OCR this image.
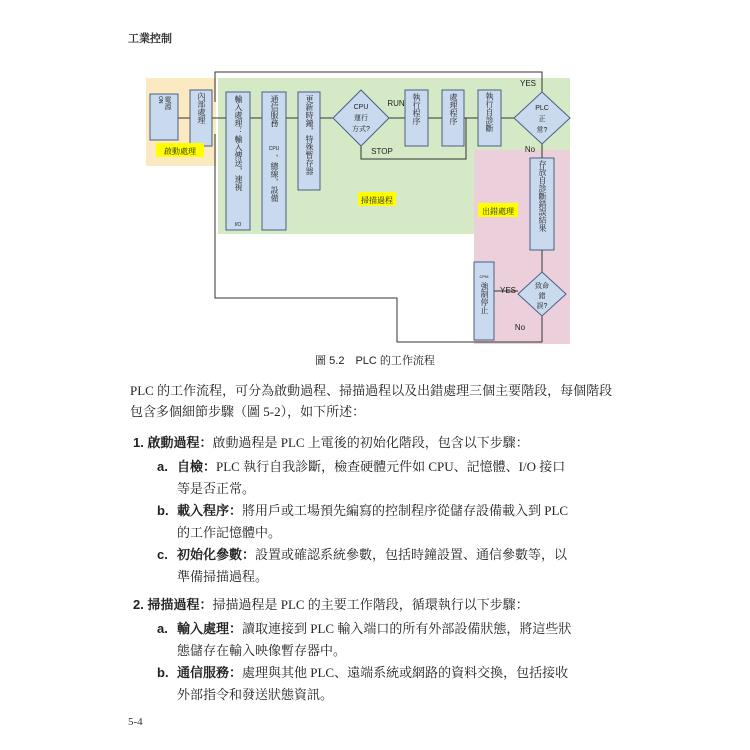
工業控制
啟動處理
掃描過程
出錯處理
RUN
STOP
YES
No
YES
No
CPU
運行
方式?
PLC
正
常?
致命
錯
誤?
電源
ON	內部處理	輸入處理：輸入傳送，速視
I/O
通信服務
CPU
、總線，設備
更新時鐘，特殊暫存器	執行程序	處理程序	執行自診斷
存放自診斷錯誤結果
CPM
強制停止
圖 5.2　PLC 的工作流程
PLC 的工作流程，可分為啟動過程、掃描過程以及出錯處理三個主要階段，每個階段包含多個細節步驟（圖 5-2），如下所述：
1. 啟動過程：啟動過程是 PLC 上電後的初始化階段，包含以下步驟：
a. 自檢：PLC 執行自我診斷，檢查硬體元件如 CPU、記憶體、I/O 接口等是否正常。
b. 載入程序：將用戶或工場預先編寫的控制程序從儲存設備載入到 PLC 的工作記憶體中。
c. 初始化參數：設置或確認系統參數，包括時鐘設置、通信參數等，以準備掃描過程。
2. 掃描過程：掃描過程是 PLC 的主要工作階段，循環執行以下步驟：
a. 輸入處理：讀取連接到 PLC 輸入端口的所有外部設備狀態，將這些狀態儲存在輸入映像暫存器中。
b. 通信服務：處理與其他 PLC、遠端系統或網路的資料交換，包括接收外部指令和發送狀態資訊。
5-4
